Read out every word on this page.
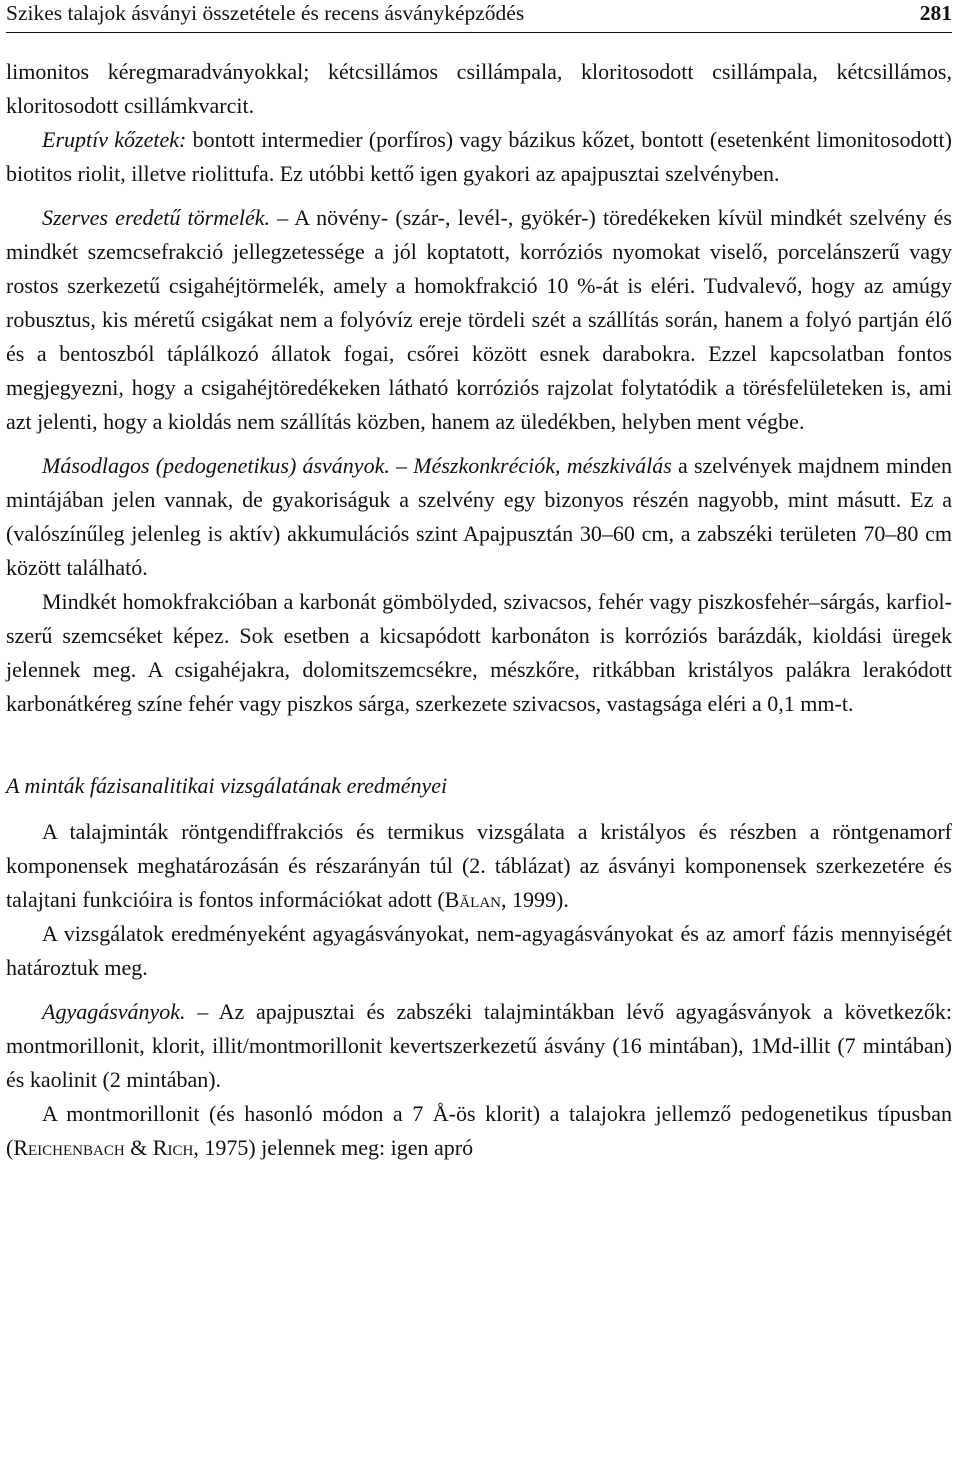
Szikes talajok ásványi összetétele és recens ásványképződés	281

limonitos kéregmaradványokkal; kétcsillámos csillámpala, kloritosodott csillámpala, kétcsillámos, kloritosodott csillámkvarcit.

Eruptív kőzetek: bontott intermedier (porfíros) vagy bázikus kőzet, bontott (esetenként limonitosodott) biotitos riolit, illetve riolittufa. Ez utóbbi kettő igen gyakori az apajpusztai szelvényben.

Szerves eredetű törmelék. – A növény- (szár-, levél-, gyökér-) töredékeken kívül mindkét szelvény és mindkét szemcsefrakció jellegzetessége a jól koptatott, korróziós nyomokat viselő, porcelánszerű vagy rostos szerkezetű csigahéjtörmelék, amely a homokfrakció 10 %-át is eléri. Tudvalevő, hogy az amúgy robusztus, kis méretű csigákat nem a folyóvíz ereje tördeli szét a szállítás során, hanem a folyó partján élő és a bentoszból táplálkozó állatok fogai, csőrei között esnek darabokra. Ezzel kapcsolatban fontos megjegyezni, hogy a csigahéjtöredékeken látható korróziós rajzolat folytatódik a törésfelületeken is, ami azt jelenti, hogy a kioldás nem szállítás közben, hanem az üledékben, helyben ment végbe.

Másodlagos (pedogenetikus) ásványok. – Mészkonkréciók, mészkiválás a szelvények majdnem minden mintájában jelen vannak, de gyakoriságuk a szelvény egy bizonyos részén nagyobb, mint másutt. Ez a (valószínűleg jelenleg is aktív) akkumulációs szint Apajpusztán 30–60 cm, a zabszéki területen 70–80 cm között található.

Mindkét homokfrakcióban a karbonát gömbölyded, szivacsos, fehér vagy piszkosfehér–sárgás, karfiol-szerű szemcséket képez. Sok esetben a kicsapódott karbonáton is korróziós barázdák, kioldási üregek jelennek meg. A csigahéjakra, dolomitszemcsékre, mészkőre, ritkábban kristályos palákra lerakódott karbonátkéreg színe fehér vagy piszkos sárga, szerkezete szivacsos, vastagsága eléri a 0,1 mm-t.

A minták fázisanalitikai vizsgálatának eredményei

A talajminták röntgendiffrakciós és termikus vizsgálata a kristályos és részben a röntgenamorf komponensek meghatározásán és részarányán túl (2. táblázat) az ásványi komponensek szerkezetére és talajtani funkcióira is fontos információkat adott (Bălan, 1999).

A vizsgálatok eredményeként agyagásványokat, nem-agyagásványokat és az amorf fázis mennyiségét határoztuk meg.

Agyagásványok. – Az apajpusztai és zabszéki talajmintákban lévő agyagásványok a következők: montmorillonit, klorit, illit/montmorillonit kevertszerkezetű ásvány (16 mintában), 1Md-illit (7 mintában) és kaolinit (2 mintában).

A montmorillonit (és hasonló módon a 7 Å-ös klorit) a talajokra jellemző pedogenetikus típusban (Reichenbach & Rich, 1975) jelennek meg: igen apró
